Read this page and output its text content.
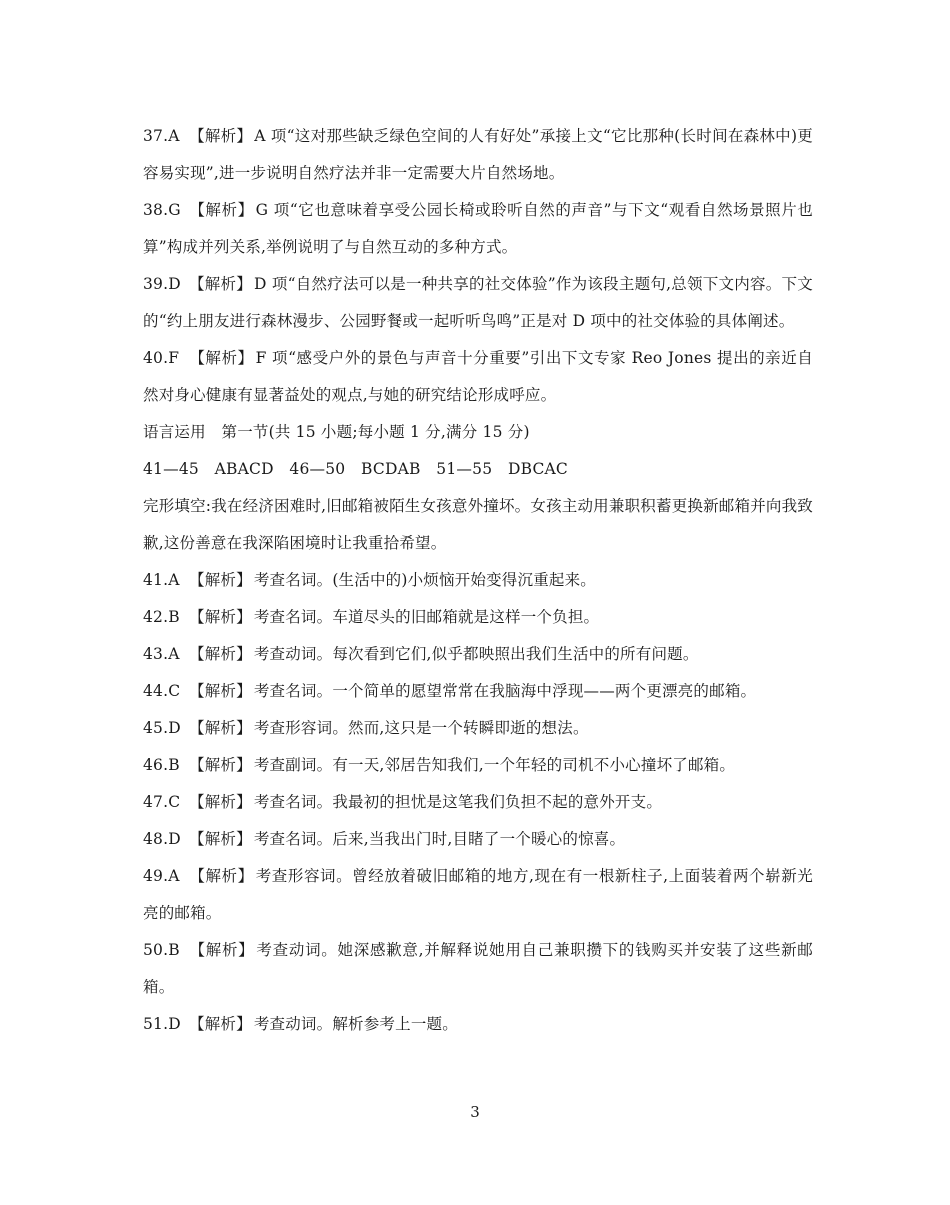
37.A 【解析】 A 项“这对那些缺乏绿色空间的人有好处”承接上文“它比那种(长时间在森林中)更容易实现”,进一步说明自然疗法并非一定需要大片自然场地。

38.G 【解析】 G 项“它也意味着享受公园长椅或聆听自然的声音”与下文“观看自然场景照片也算”构成并列关系,举例说明了与自然互动的多种方式。

39.D 【解析】 D 项“自然疗法可以是一种共享的社交体验”作为该段主题句,总领下文内容。下文的“约上朋友进行森林漫步、公园野餐或一起听听鸟鸣”正是对 D 项中的社交体验的具体阐述。

40.F 【解析】 F 项“感受户外的景色与声音十分重要”引出下文专家 Reo Jones 提出的亲近自然对身心健康有显著益处的观点,与她的研究结论形成呼应。

语言运用　第一节(共 15 小题;每小题 1 分,满分 15 分)

41—45　ABACD　46—50　BCDAB　51—55　DBCAC

完形填空:我在经济困难时,旧邮箱被陌生女孩意外撞坏。女孩主动用兼职积蓄更换新邮箱并向我致歉,这份善意在我深陷困境时让我重拾希望。

41.A 【解析】 考查名词。(生活中的)小烦恼开始变得沉重起来。

42.B 【解析】 考查名词。车道尽头的旧邮箱就是这样一个负担。

43.A 【解析】 考查动词。每次看到它们,似乎都映照出我们生活中的所有问题。

44.C 【解析】 考查名词。一个简单的愿望常常在我脑海中浮现——两个更漂亮的邮箱。

45.D 【解析】 考查形容词。然而,这只是一个转瞬即逝的想法。

46.B 【解析】 考查副词。有一天,邻居告知我们,一个年轻的司机不小心撞坏了邮箱。

47.C 【解析】 考查名词。我最初的担忧是这笔我们负担不起的意外开支。

48.D 【解析】 考查名词。后来,当我出门时,目睹了一个暖心的惊喜。

49.A 【解析】 考查形容词。曾经放着破旧邮箱的地方,现在有一根新柱子,上面装着两个崭新光亮的邮箱。

50.B 【解析】 考查动词。她深感歉意,并解释说她用自己兼职攒下的钱购买并安装了这些新邮箱。

51.D 【解析】 考查动词。解析参考上一题。

3
